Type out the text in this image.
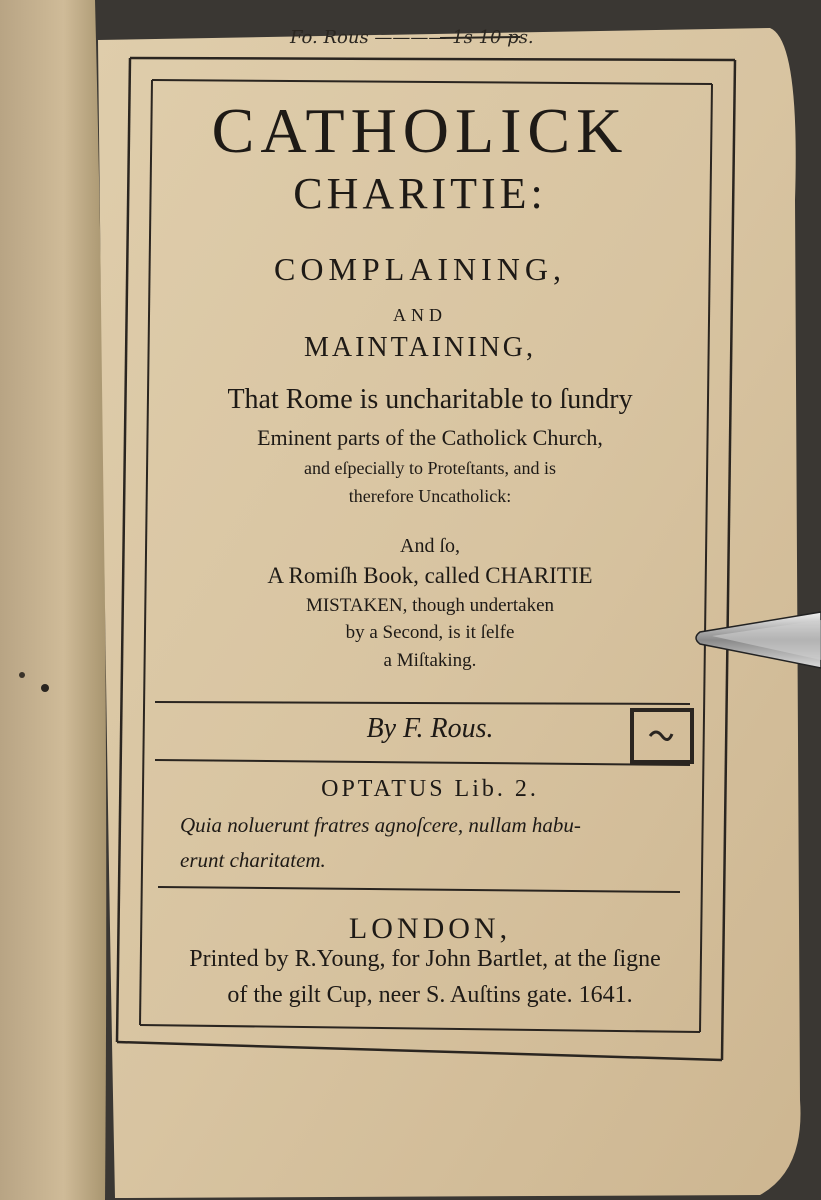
Fo. Rous ———— 1s 10 ps.
CATHOLICK
CHARITIE:
COMPLAINING,
AND
MAINTAINING,
That Rome is uncharitable to ſundry
Eminent parts of the Catholick Church,
and eſpecially to Proteſtants, and is
therefore Uncatholick:
And ſo,
A Romiſh Book, called CHARITIE
MISTAKEN, though undertaken
by a Second, is it ſelfe
a Miſtaking.
By F. Rous.
OPTATUS Lib. 2.
Quia noluerunt fratres agnoſcere, nullam habu-
erunt charitatem.
LONDON,
Printed by R.Young, for John Bartlet, at the ſigne
of the gilt Cup, neer S. Auſtins gate. 1641.
